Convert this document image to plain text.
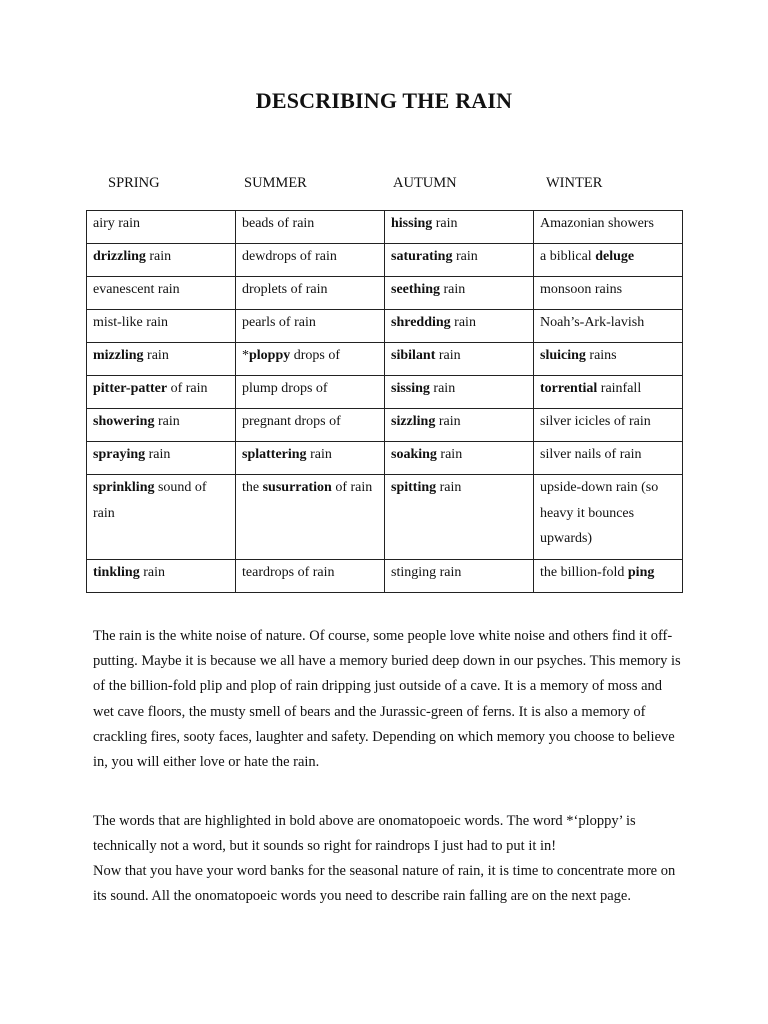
DESCRIBING THE RAIN
SPRING	SUMMER	AUTUMN	WINTER
airy rain	beads of rain	hissing rain	Amazonian showers
drizzling rain	dewdrops of rain	saturating rain	a biblical deluge
evanescent rain	droplets of rain	seething rain	monsoon rains
mist-like rain	pearls of rain	shredding rain	Noah’s-Ark-lavish
mizzling rain	*ploppy drops of	sibilant rain	sluicing rains
pitter-patter of rain	plump drops of	sissing rain	torrential rainfall
showering rain	pregnant drops of	sizzling rain	silver icicles of rain
spraying rain	splattering rain	soaking rain	silver nails of rain
sprinkling sound of rain	the susurration of rain	spitting rain	upside-down rain (so heavy it bounces upwards)
tinkling rain	teardrops of rain	stinging rain	the billion-fold ping

The rain is the white noise of nature. Of course, some people love white noise and others find it off-putting. Maybe it is because we all have a memory buried deep down in our psyches. This memory is of the billion-fold plip and plop of rain dripping just outside of a cave. It is a memory of moss and wet cave floors, the musty smell of bears and the Jurassic-green of ferns. It is also a memory of crackling fires, sooty faces, laughter and safety. Depending on which memory you choose to believe in, you will either love or hate the rain.

The words that are highlighted in bold above are onomatopoeic words. The word *‘ploppy’ is technically not a word, but it sounds so right for raindrops I just had to put it in!

Now that you have your word banks for the seasonal nature of rain, it is time to concentrate more on its sound. All the onomatopoeic words you need to describe rain falling are on the next page.
